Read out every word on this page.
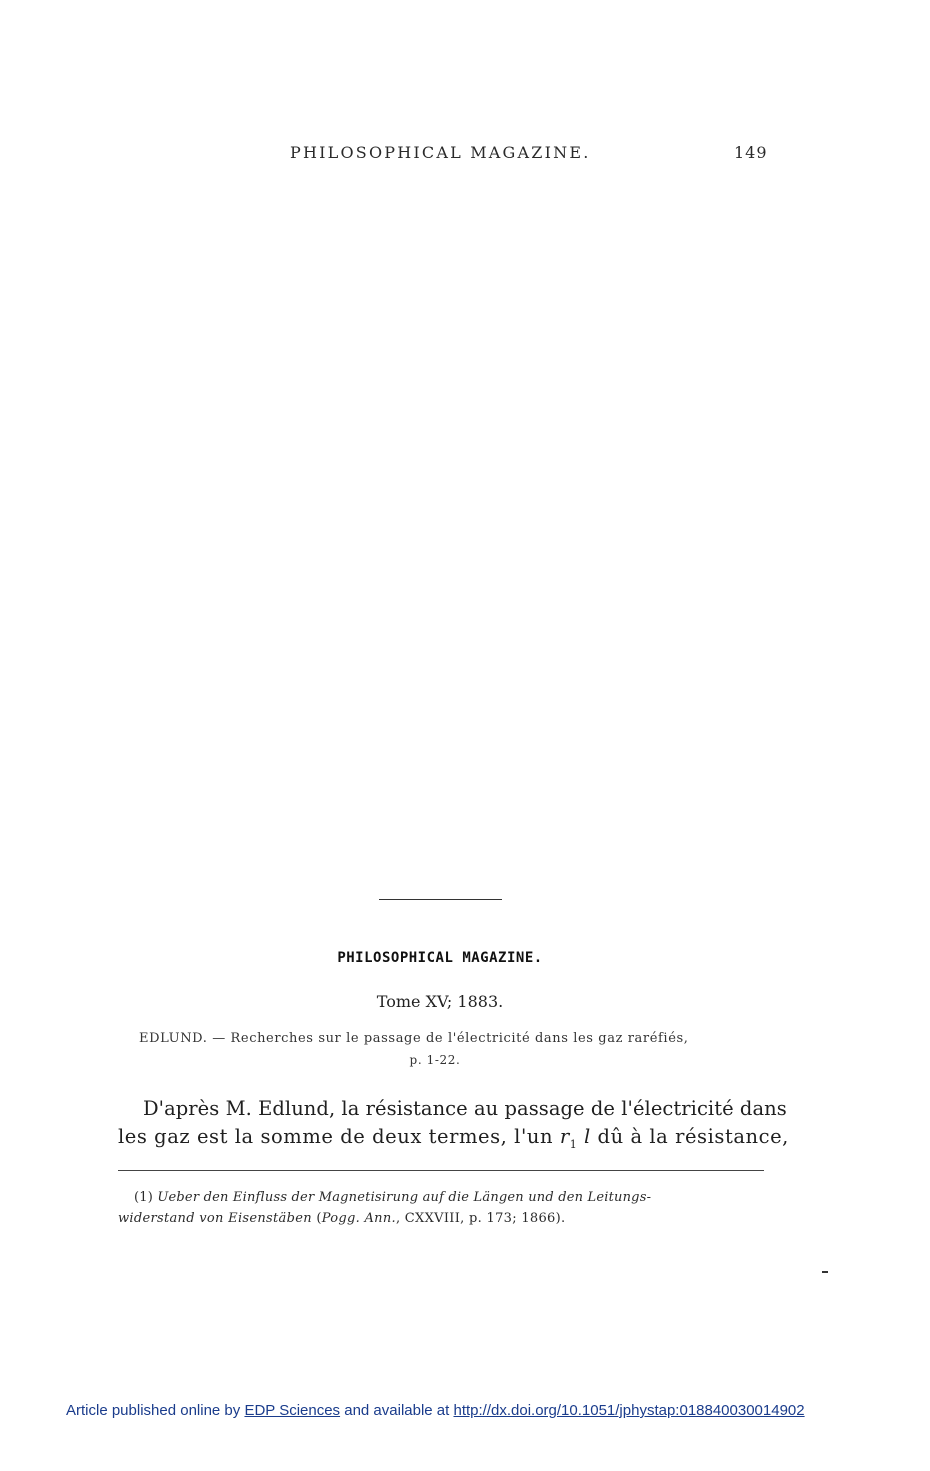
PHILOSOPHICAL MAGAZINE.	149
PHILOSOPHICAL MAGAZINE.
Tome XV; 1883.
EDLUND. — Recherches sur le passage de l'électricité dans les gaz raréfiés,
p. 1-22.
D'après M. Edlund, la résistance au passage de l'électricité dans
les gaz est la somme de deux termes, l'un $r_1$ l dû à la résistance,
(1) Ueber den Einfluss der Magnetisirung auf die Längen und den Leitungs-
widerstand von Eisenstäben (Pogg. Ann., CXXVIII, p. 173; 1866).
Article published online by EDP Sciences and available at http://dx.doi.org/10.1051/jphystap:018840030014902
